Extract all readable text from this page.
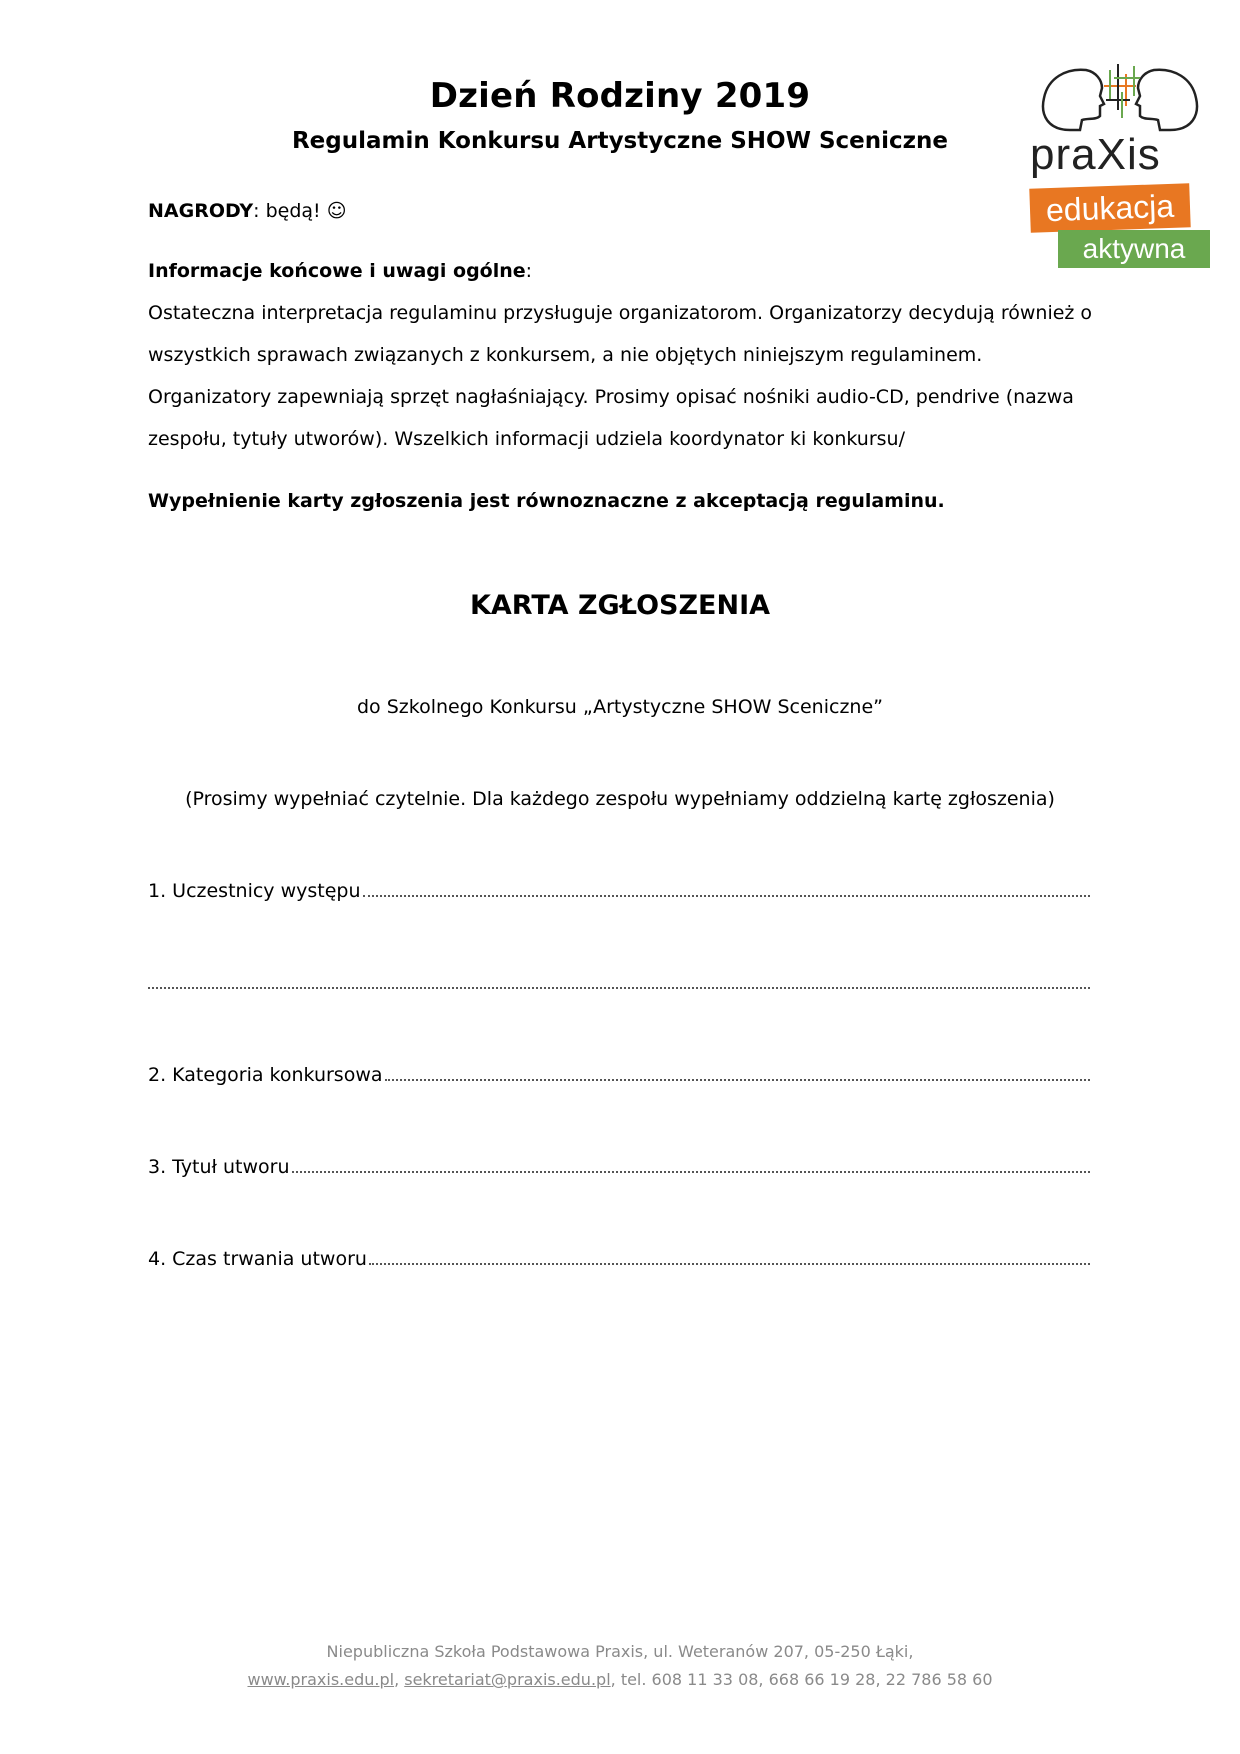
Dzień Rodziny 2019
Regulamin Konkursu Artystyczne SHOW Sceniczne	praXis
edukacja
aktywna
NAGRODY: będą! ☺
Informacje końcowe i uwagi ogólne:

Ostateczna interpretacja regulaminu przysługuje organizatorom. Organizatorzy decydują również o wszystkich sprawach związanych z konkursem, a nie objętych niniejszym regulaminem. Organizatory zapewniają sprzęt nagłaśniający. Prosimy opisać nośniki audio-CD, pendrive (nazwa zespołu, tytuły utworów). Wszelkich informacji udziela koordynator ki konkursu/

Wypełnienie karty zgłoszenia jest równoznaczne z akceptacją regulaminu.
KARTA ZGŁOSZENIA
do Szkolnego Konkursu „Artystyczne SHOW Sceniczne”
(Prosimy wypełniać czytelnie. Dla każdego zespołu wypełniamy oddzielną kartę zgłoszenia)
1. Uczestnicy występu
2. Kategoria konkursowa
3. Tytuł utworu
4. Czas trwania utworu
Niepubliczna Szkoła Podstawowa Praxis, ul. Weteranów 207, 05-250 Łąki,
www.praxis.edu.pl, sekretariat@praxis.edu.pl, tel. 608 11 33 08, 668 66 19 28, 22 786 58 60
